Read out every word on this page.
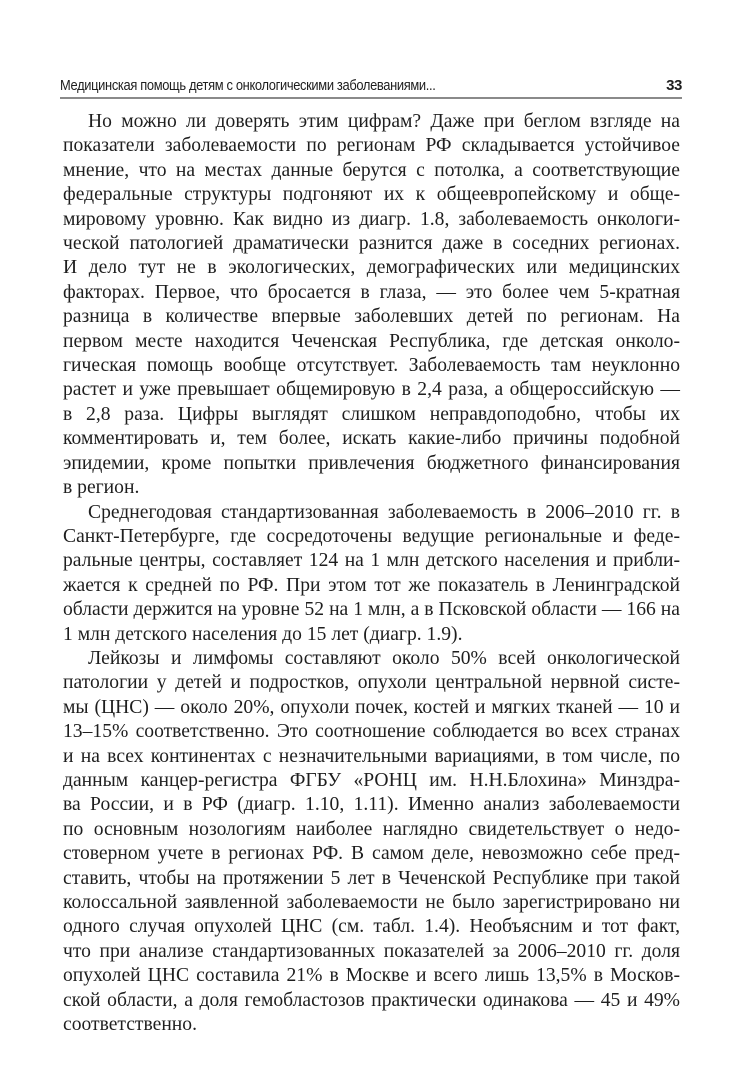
Медицинская помощь детям с онкологическими заболеваниями...	33
Но можно ли доверять этим цифрам? Даже при беглом взгляде на
показатели заболеваемости по регионам РФ складывается устойчивое
мнение, что на местах данные берутся с потолка, а соответствующие
федеральные структуры подгоняют их к общеевропейскому и обще-
мировому уровню. Как видно из диагр. 1.8, заболеваемость онкологи-
ческой патологией драматически разнится даже в соседних регионах.
И дело тут не в экологических, демографических или медицинских
факторах. Первое, что бросается в глаза, — это более чем 5-кратная
разница в количестве впервые заболевших детей по регионам. На
первом месте находится Чеченская Республика, где детская онколо-
гическая помощь вообще отсутствует. Заболеваемость там неуклонно
растет и уже превышает общемировую в 2,4 раза, а общероссийскую —
в 2,8 раза. Цифры выглядят слишком неправдоподобно, чтобы их
комментировать и, тем более, искать какие-либо причины подобной
эпидемии, кроме попытки привлечения бюджетного финансирования
в регион.
Среднегодовая стандартизованная заболеваемость в 2006–2010 гг. в
Санкт-Петербурге, где сосредоточены ведущие региональные и феде-
ральные центры, составляет 124 на 1 млн детского населения и прибли-
жается к средней по РФ. При этом тот же показатель в Ленинградской
области держится на уровне 52 на 1 млн, а в Псковской области — 166 на
1 млн детского населения до 15 лет (диагр. 1.9).
Лейкозы и лимфомы составляют около 50% всей онкологической
патологии у детей и подростков, опухоли центральной нервной систе-
мы (ЦНС) — около 20%, опухоли почек, костей и мягких тканей — 10 и
13–15% соответственно. Это соотношение соблюдается во всех странах
и на всех континентах с незначительными вариациями, в том числе, по
данным канцер-регистра ФГБУ «РОНЦ им. Н.Н.Блохина» Минздра-
ва России, и в РФ (диагр. 1.10, 1.11). Именно анализ заболеваемости
по основным нозологиям наиболее наглядно свидетельствует о недо-
стоверном учете в регионах РФ. В самом деле, невозможно себе пред-
ставить, чтобы на протяжении 5 лет в Чеченской Республике при такой
колоссальной заявленной заболеваемости не было зарегистрировано ни
одного случая опухолей ЦНС (см. табл. 1.4). Необъясним и тот факт,
что при анализе стандартизованных показателей за 2006–2010 гг. доля
опухолей ЦНС составила 21% в Москве и всего лишь 13,5% в Москов-
ской области, а доля гемобластозов практически одинакова — 45 и 49%
соответственно.
